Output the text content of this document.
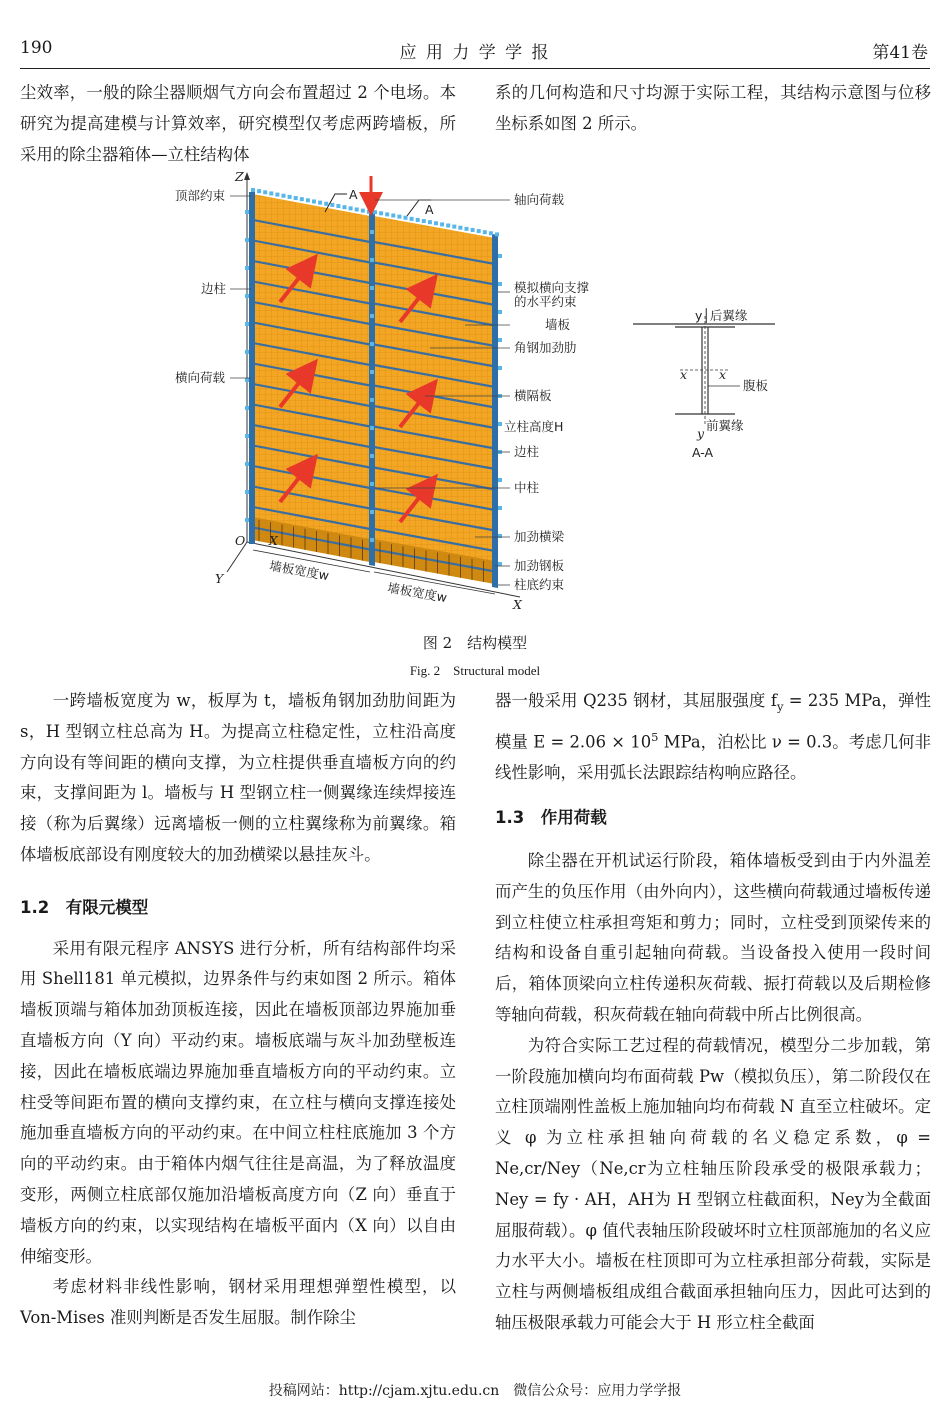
190	应 用 力 学 学 报	第41卷

尘效率，一般的除尘器顺烟气方向会布置超过 2 个电场。本研究为提高建模与计算效率，研究模型仅考虑两跨墙板，所采用的除尘器箱体—立柱结构体

系的几何构造和尺寸均源于实际工程，其结构示意图与位移坐标系如图 2 所示。

Z
O X
Y
X
A
A
顶部约束
边柱
横向荷载
轴向荷载
模拟横向支撑
的水平约束
墙板
角钢加劲肋
横隔板
立柱高度H
边柱
中柱
加劲横梁
加劲钢板
柱底约束
墙板宽度w
墙板宽度w
y│后翼缘
x	x
腹板
y
前翼缘
A-A
图 2　结构模型
Fig. 2　Structural model

一跨墙板宽度为 w，板厚为 t，墙板角钢加劲肋间距为 s，H 型钢立柱总高为 H。为提高立柱稳定性，立柱沿高度方向设有等间距的横向支撑，为立柱提供垂直墙板方向的约束，支撑间距为 l。墙板与 H 型钢立柱一侧翼缘连续焊接连接（称为后翼缘）远离墙板一侧的立柱翼缘称为前翼缘。箱体墙板底部设有刚度较大的加劲横梁以悬挂灰斗。

1.2　有限元模型

采用有限元程序 ANSYS 进行分析，所有结构部件均采用 Shell181 单元模拟，边界条件与约束如图 2 所示。箱体墙板顶端与箱体加劲顶板连接，因此在墙板顶部边界施加垂直墙板方向（Y 向）平动约束。墙板底端与灰斗加劲壁板连接，因此在墙板底端边界施加垂直墙板方向的平动约束。立柱受等间距布置的横向支撑约束，在立柱与横向支撑连接处施加垂直墙板方向的平动约束。在中间立柱柱底施加 3 个方向的平动约束。由于箱体内烟气往往是高温，为了释放温度变形，两侧立柱底部仅施加沿墙板高度方向（Z 向）垂直于墙板方向的约束，以实现结构在墙板平面内（X 向）以自由伸缩变形。

考虑材料非线性影响，钢材采用理想弹塑性模型，以 Von-Mises 准则判断是否发生屈服。制作除尘

器一般采用 Q235 钢材，其屈服强度 $f_y = 235$ MPa，弹性模量 $E = 2.06 \times 10^5$ MPa，泊松比 ν = 0.3。考虑几何非线性影响，采用弧长法跟踪结构响应路径。

1.3　作用荷载

除尘器在开机试运行阶段，箱体墙板受到由于内外温差而产生的负压作用（由外向内），这些横向荷载通过墙板传递到立柱使立柱承担弯矩和剪力；同时，立柱受到顶梁传来的结构和设备自重引起轴向荷载。当设备投入使用一段时间后，箱体顶梁向立柱传递积灰荷载、振打荷载以及后期检修等轴向荷载，积灰荷载在轴向荷载中所占比例很高。

为符合实际工艺过程的荷载情况，模型分二步加载，第一阶段施加横向均布面荷载 Pw（模拟负压），第二阶段仅在立柱顶端刚性盖板上施加轴向均布荷载 N 直至立柱破坏。定义 φ 为立柱承担轴向荷载的名义稳定系数，φ = Ne,cr/Ney（Ne,cr为立柱轴压阶段承受的极限承载力；Ney = fy · AH，AH为 H 型钢立柱截面积，Ney为全截面屈服荷载）。φ 值代表轴压阶段破坏时立柱顶部施加的名义应力水平大小。墙板在柱顶即可为立柱承担部分荷载，实际是立柱与两侧墙板组成组合截面承担轴向压力，因此可达到的轴压极限承载力可能会大于 H 形立柱全截面

投稿网站：http://cjam.xjtu.edu.cn　微信公众号：应用力学学报
